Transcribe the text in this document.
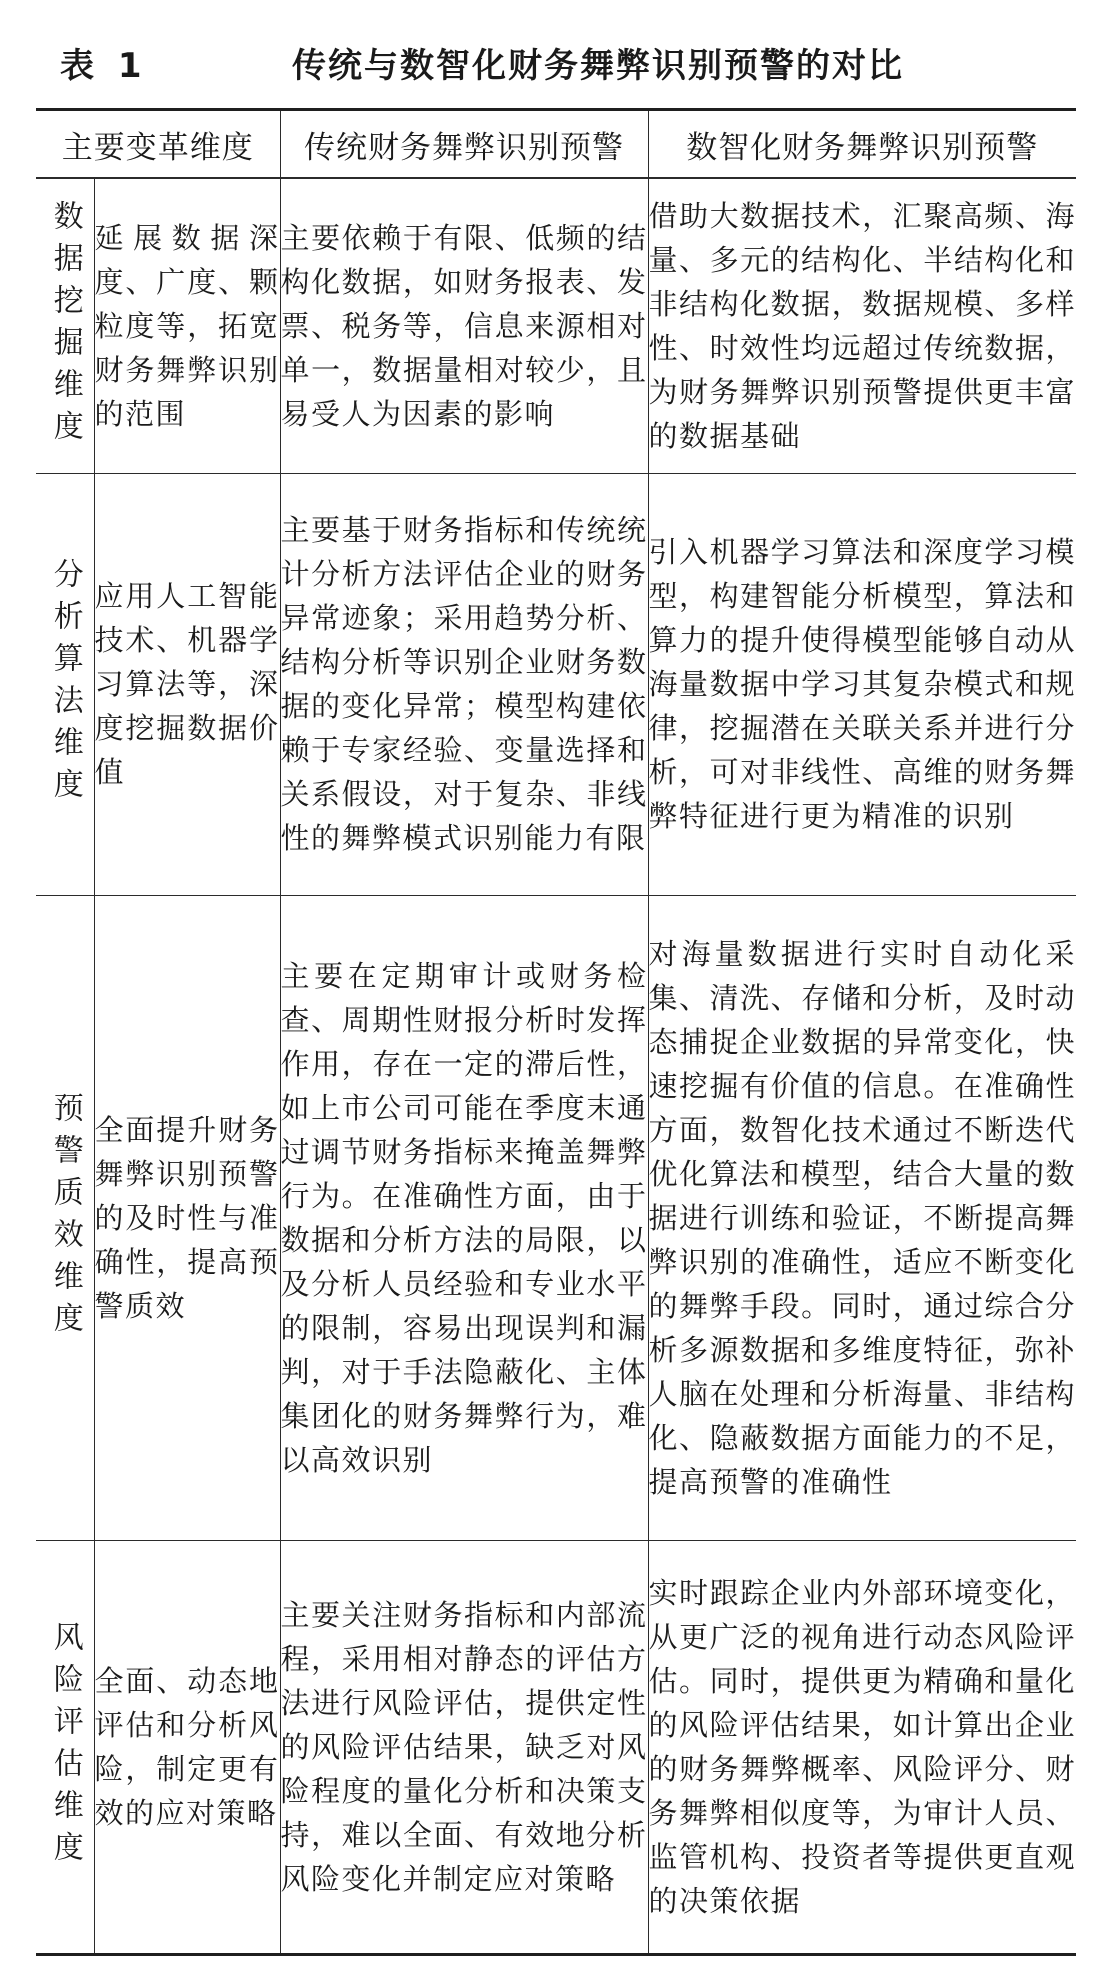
表 1	传统与数智化财务舞弊识别预警的对比
主要变革维度		传统财务舞弊识别预警	数智化财务舞弊识别预警

数据挖掘维度	延展数据深度、广度、颗粒度等，拓宽财务舞弊识别的范围	主要依赖于有限、低频的结构化数据，如财务报表、发票、税务等，信息来源相对单一，数据量相对较少，且易受人为因素的影响	借助大数据技术，汇聚高频、海量、多元的结构化、半结构化和非结构化数据，数据规模、多样性、时效性均远超过传统数据，为财务舞弊识别预警提供更丰富的数据基础

分析算法维度	应用人工智能技术、机器学习算法等，深度挖掘数据价值	主要基于财务指标和传统统计分析方法评估企业的财务异常迹象；采用趋势分析、结构分析等识别企业财务数据的变化异常；模型构建依赖于专家经验、变量选择和关系假设，对于复杂、非线性的舞弊模式识别能力有限	引入机器学习算法和深度学习模型，构建智能分析模型，算法和算力的提升使得模型能够自动从海量数据中学习其复杂模式和规律，挖掘潜在关联关系并进行分析，可对非线性、高维的财务舞弊特征进行更为精准的识别

预警质效维度	全面提升财务舞弊识别预警的及时性与准确性，提高预警质效	主要在定期审计或财务检查、周期性财报分析时发挥作用，存在一定的滞后性，如上市公司可能在季度末通过调节财务指标来掩盖舞弊行为。在准确性方面，由于数据和分析方法的局限，以及分析人员经验和专业水平的限制，容易出现误判和漏判，对于手法隐蔽化、主体集团化的财务舞弊行为，难以高效识别	对海量数据进行实时自动化采集、清洗、存储和分析，及时动态捕捉企业数据的异常变化，快速挖掘有价值的信息。在准确性方面，数智化技术通过不断迭代优化算法和模型，结合大量的数据进行训练和验证，不断提高舞弊识别的准确性，适应不断变化的舞弊手段。同时，通过综合分析多源数据和多维度特征，弥补人脑在处理和分析海量、非结构化、隐蔽数据方面能力的不足，提高预警的准确性

风险评估维度	全面、动态地评估和分析风险，制定更有效的应对策略	主要关注财务指标和内部流程，采用相对静态的评估方法进行风险评估，提供定性的风险评估结果，缺乏对风险程度的量化分析和决策支持，难以全面、有效地分析风险变化并制定应对策略	实时跟踪企业内外部环境变化，从更广泛的视角进行动态风险评估。同时，提供更为精确和量化的风险评估结果，如计算出企业的财务舞弊概率、风险评分、财务舞弊相似度等，为审计人员、监管机构、投资者等提供更直观的决策依据
